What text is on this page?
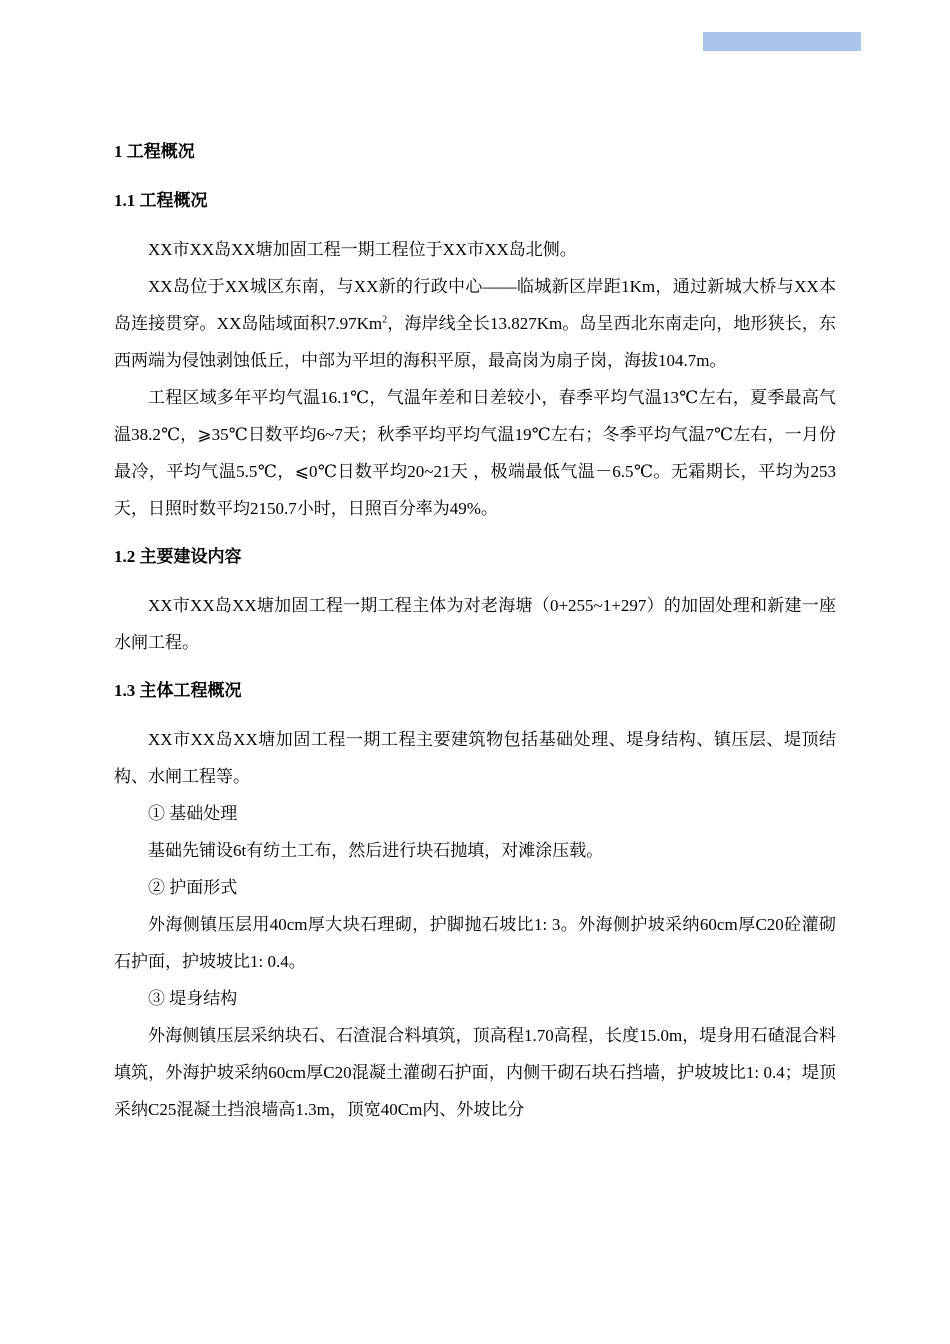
1 工程概况
1.1 工程概况

XX市XX岛XX塘加固工程一期工程位于XX市XX岛北侧。

XX岛位于XX城区东南，与XX新的行政中心——临城新区岸距1Km，通过新城大桥与XX本岛连接贯穿。XX岛陆域面积7.97Km$^2$，海岸线全长13.827Km。岛呈西北东南走向，地形狭长，东西两端为侵蚀剥蚀低丘，中部为平坦的海积平原，最高岗为扇子岗，海拔104.7m。

工程区域多年平均气温16.1℃，气温年差和日差较小，春季平均气温13℃左右，夏季最高气温38.2℃，⩾35℃日数平均6~7天；秋季平均平均气温19℃左右；冬季平均气温7℃左右，一月份最冷，平均气温5.5℃，⩽0℃日数平均20~21天 ，极端最低气温－6.5℃。无霜期长，平均为253天，日照时数平均2150.7小时，日照百分率为49%。

1.2 主要建设内容

XX市XX岛XX塘加固工程一期工程主体为对老海塘（0+255~1+297）的加固处理和新建一座水闸工程。

1.3 主体工程概况

XX市XX岛XX塘加固工程一期工程主要建筑物包括基础处理、堤身结构、镇压层、堤顶结构、水闸工程等。

① 基础处理

基础先铺设6t有纺土工布，然后进行块石抛填，对滩涂压载。

② 护面形式

外海侧镇压层用40cm厚大块石理砌，护脚抛石坡比1: 3。外海侧护坡采纳60cm厚C20砼灌砌石护面，护坡坡比1: 0.4。

③ 堤身结构

外海侧镇压层采纳块石、石渣混合料填筑，顶高程1.70高程，长度15.0m，堤身用石碴混合料填筑，外海护坡采纳60cm厚C20混凝土灌砌石护面，内侧干砌石块石挡墙，护坡坡比1: 0.4；堤顶采纳C25混凝土挡浪墙高1.3m，顶宽40Cm内、外坡比分
